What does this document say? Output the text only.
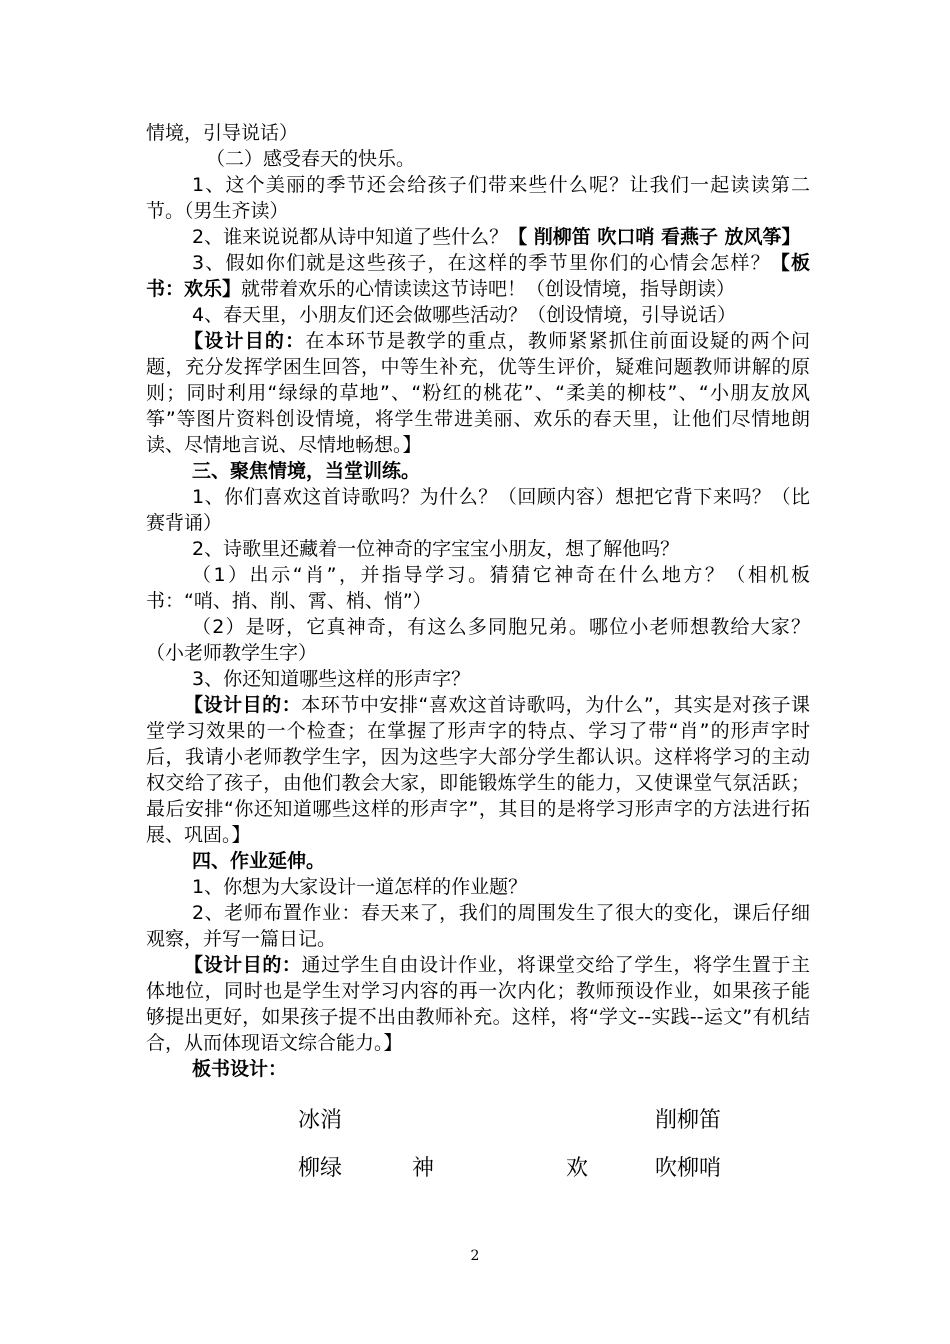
情境，引导说话）

（二）感受春天的快乐。

1、这个美丽的季节还会给孩子们带来些什么呢？让我们一起读读第二节。（男生齐读）

2、谁来说说都从诗中知道了些什么？【 削柳笛 吹口哨 看燕子 放风筝】

3、假如你们就是这些孩子，在这样的季节里你们的心情会怎样？【板书：欢乐】就带着欢乐的心情读读这节诗吧！（创设情境，指导朗读）

4、春天里，小朋友们还会做哪些活动？（创设情境，引导说话）

【设计目的：在本环节是教学的重点，教师紧紧抓住前面设疑的两个问题，充分发挥学困生回答，中等生补充，优等生评价，疑难问题教师讲解的原则；同时利用“绿绿的草地”、“粉红的桃花”、“柔美的柳枝”、“小朋友放风筝”等图片资料创设情境，将学生带进美丽、欢乐的春天里，让他们尽情地朗读、尽情地言说、尽情地畅想。】

三、聚焦情境，当堂训练。

1、你们喜欢这首诗歌吗？为什么？（回顾内容）想把它背下来吗？（比赛背诵）

2、诗歌里还藏着一位神奇的字宝宝小朋友，想了解他吗？

（1）出示“肖”，并指导学习。猜猜它神奇在什么地方？（相机板书：“哨、捎、削、霄、梢、悄”）

（2）是呀，它真神奇，有这么多同胞兄弟。哪位小老师想教给大家？（小老师教学生字）

3、你还知道哪些这样的形声字？

【设计目的：本环节中安排“喜欢这首诗歌吗，为什么”，其实是对孩子课堂学习效果的一个检查；在掌握了形声字的特点、学习了带“肖”的形声字时后，我请小老师教学生字，因为这些字大部分学生都认识。这样将学习的主动权交给了孩子，由他们教会大家，即能锻炼学生的能力，又使课堂气氛活跃；最后安排“你还知道哪些这样的形声字”，其目的是将学习形声字的方法进行拓展、巩固。】

四、作业延伸。

1、你想为大家设计一道怎样的作业题？

2、老师布置作业：春天来了，我们的周围发生了很大的变化，课后仔细观察，并写一篇日记。

【设计目的：通过学生自由设计作业，将课堂交给了学生，将学生置于主体地位，同时也是学生对学习内容的再一次内化；教师预设作业，如果孩子能够提出更好，如果孩子提不出由教师补充。这样，将“学文--实践--运文”有机结合，从而体现语文综合能力。】

板书设计：

冰消	削柳笛
柳绿	神	欢	吹柳哨
2
